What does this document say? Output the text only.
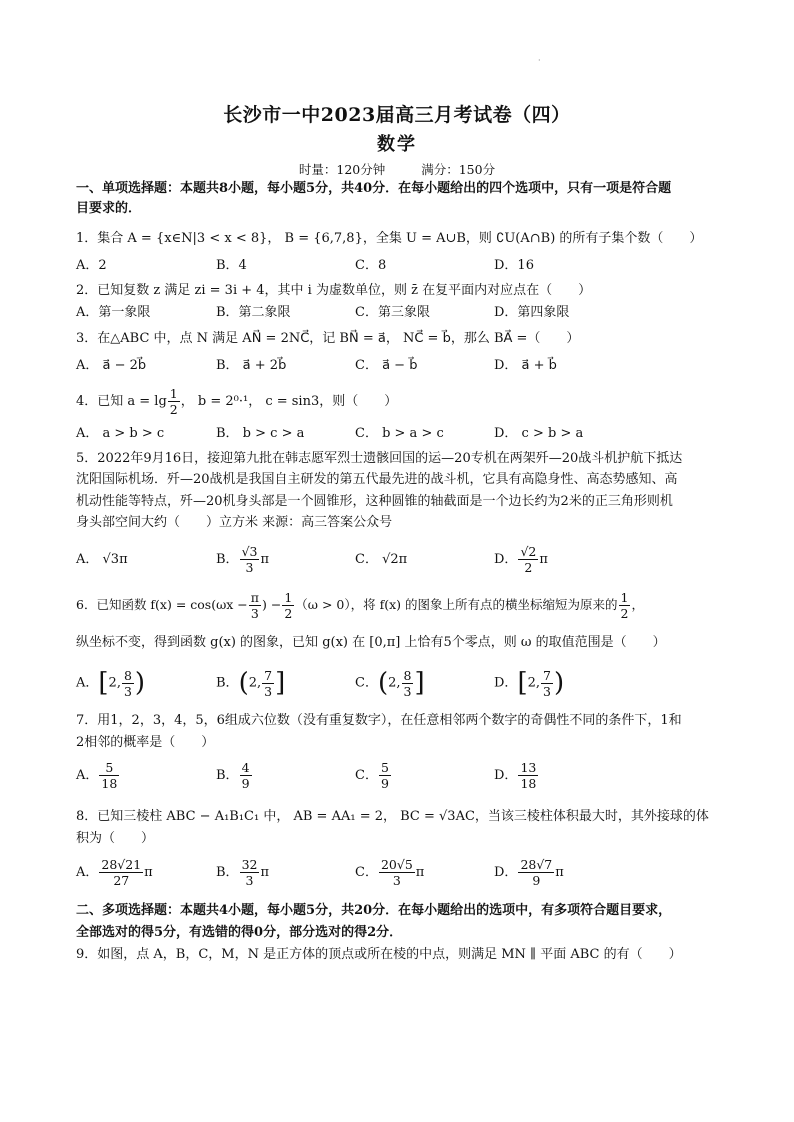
·
长沙市一中2023届高三月考试卷（四）
数学
时量：120分钟	满分：150分
一、单项选择题：本题共8小题，每小题5分，共40分．在每小题给出的四个选项中，只有一项是符合题
目要求的．
1．集合 A = {x∈N|3 < x < 8}， B = {6,7,8}，全集 U = A∪B，则 ∁U(A∩B) 的所有子集个数（　　）
A．2	B．4	C．8	D．16
2．已知复数 z 满足 zi = 3i + 4，其中 i 为虚数单位，则 z̄ 在复平面内对应点在（　　）
A．第一象限	B．第二象限	C．第三象限	D．第四象限
3．在△ABC 中，点 N 满足 AN⃗ = 2NC⃗，记 BN⃗ = a⃗， NC⃗ = b⃗，那么 BA⃗ =（　　）
A． a⃗ − 2b⃗	B． a⃗ + 2b⃗	C． a⃗ − b⃗	D． a⃗ + b⃗
4．已知 $a = \lg \frac{1}{2}$ ， b = 2⁰·¹， c = sin3，则（　　）
A． a > b > c	B． b > c > a	C． b > a > c	D． c > b > a
5．2022年9月16日，接迎第九批在韩志愿军烈士遗骸回国的运—20专机在两架歼—20战斗机护航下抵达
沈阳国际机场．歼—20战机是我国自主研发的第五代最先进的战斗机，它具有高隐身性、高态势感知、高
机动性能等特点，歼—20机身头部是一个圆锥形，这种圆锥的轴截面是一个边长约为2米的正三角形则机
身头部空间大约（　　）立方米 来源：高三答案公众号
A． √3π	B． $\frac{√3}{3}$ π	C． √2π	D． $\frac{√2}{2}$ π
6．已知函数 $f(x) = \cos(\omega x - \frac{\pi}{3}$ ) − $\frac{1}{2} (\omega > 0)$，将 f(x) 的图象上所有点的横坐标缩短为原来的 $\frac{1}{2}$ ，
纵坐标不变，得到函数 g(x) 的图象，已知 g(x) 在 [0,π] 上恰有5个零点，则 ω 的取值范围是（　　）
A．[2, $\frac{8}{3}$ )	B．(2, $\frac{7}{3}$ ]	C．(2, $\frac{8}{3}$ ]	D．[2, $\frac{7}{3}$ )
7．用1，2，3，4，5，6组成六位数（没有重复数字），在任意相邻两个数字的奇偶性不同的条件下，1和
2相邻的概率是（　　）
A． $\frac{5}{18}$	B． $\frac{4}{9}$	C． $\frac{5}{9}$	D． $\frac{13}{18}$
8．已知三棱柱 ABC − A₁B₁C₁ 中， AB = AA₁ = 2， BC = √3AC，当该三棱柱体积最大时，其外接球的体
积为（　　）
A． $\frac{28√21}{27}$ π	B． $\frac{32}{3}$ π	C． $\frac{20√5}{3}$ π	D． $\frac{28√7}{9}$ π
二、多项选择题：本题共4小题，每小题5分，共20分．在每小题给出的选项中，有多项符合题目要求，
全部选对的得5分，有选错的得0分，部分选对的得2分．
9．如图，点 A，B，C，M，N 是正方体的顶点或所在棱的中点，则满足 MN ∥ 平面 ABC 的有（　　）
